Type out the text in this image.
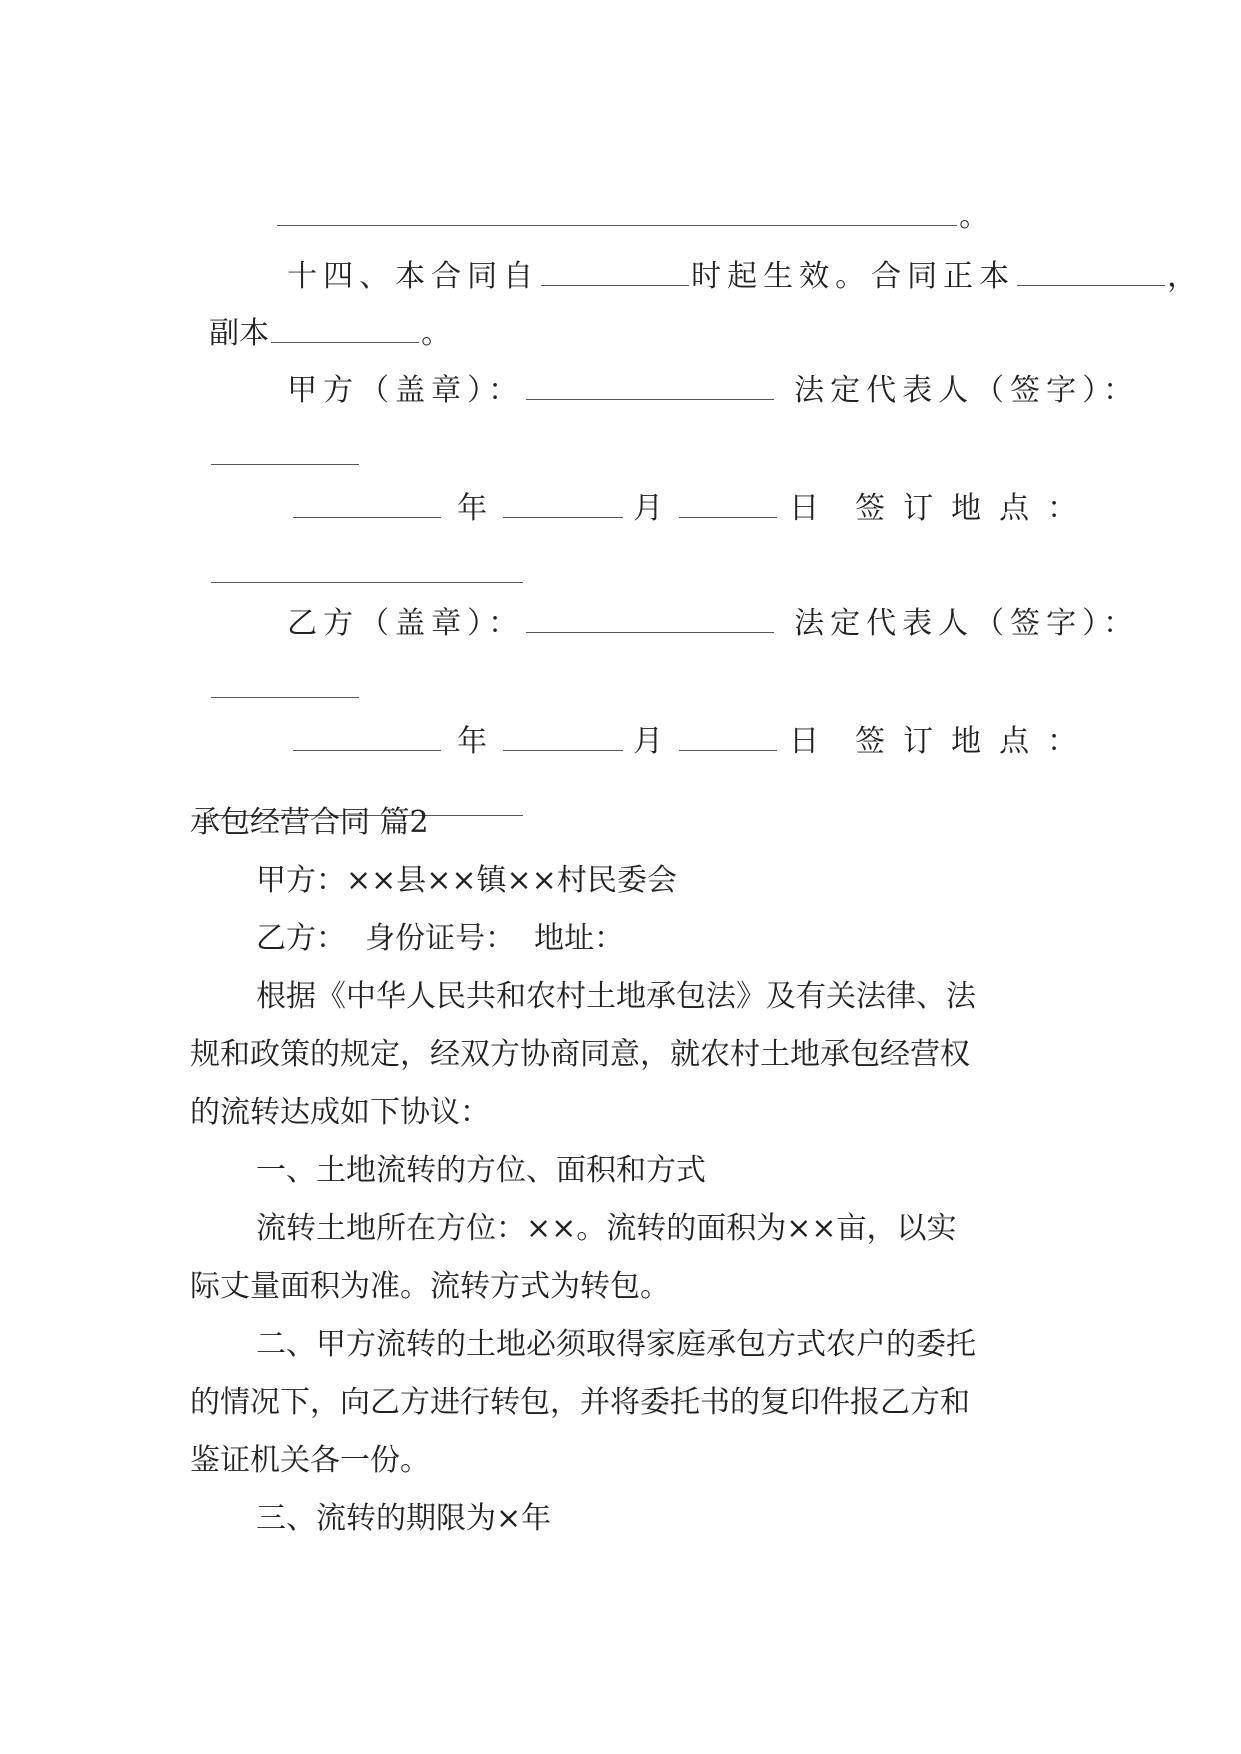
。

十四、本合同自	时起生效。合同正本	，

副本	。

甲方（盖章）：	法定代表人（签字）：

年	月	日 签订地点：

乙方（盖章）：	法定代表人（签字）：

年	月	日 签订地点：

承包经营合同 篇2
甲方：××县××镇××村民委会
乙方：  身份证号：  地址：
根据《中华人民共和农村土地承包法》及有关法律、法
规和政策的规定，经双方协商同意，就农村土地承包经营权
的流转达成如下协议：
一、土地流转的方位、面积和方式
流转土地所在方位：××。流转的面积为××亩，以实
际丈量面积为准。流转方式为转包。
二、甲方流转的土地必须取得家庭承包方式农户的委托
的情况下，向乙方进行转包，并将委托书的复印件报乙方和
鉴证机关各一份。
三、流转的期限为×年
